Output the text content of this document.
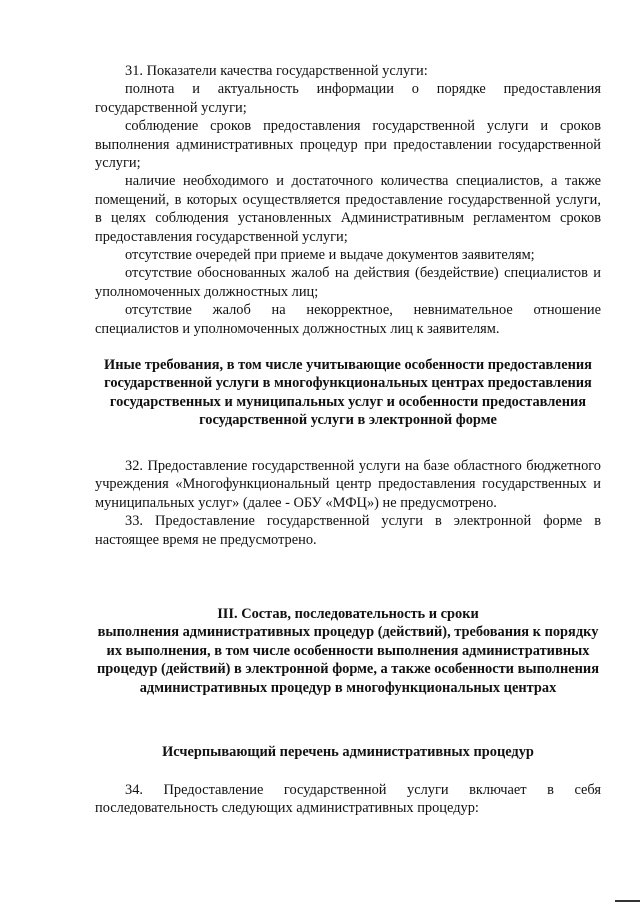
31. Показатели качества государственной услуги:

полнота и актуальность информации о порядке предоставления государственной услуги;

соблюдение сроков предоставления государственной услуги и сроков выполнения административных процедур при предоставлении государственной услуги;

наличие необходимого и достаточного количества специалистов, а также помещений, в которых осуществляется предоставление государственной услуги, в целях соблюдения установленных Административным регламентом сроков предоставления государственной услуги;

отсутствие очередей при приеме и выдаче документов заявителям;

отсутствие обоснованных жалоб на действия (бездействие) специалистов и уполномоченных должностных лиц;

отсутствие жалоб на некорректное, невнимательное отношение специалистов и уполномоченных должностных лиц к заявителям.

Иные требования, в том числе учитывающие особенности предоставления государственной услуги в многофункциональных центрах предоставления государственных и муниципальных услуг и особенности предоставления государственной услуги в электронной форме

32. Предоставление государственной услуги на базе областного бюджетного учреждения «Многофункциональный центр предоставления государственных и муниципальных услуг» (далее - ОБУ «МФЦ») не предусмотрено.

33. Предоставление государственной услуги в электронной форме в настоящее время не предусмотрено.

III. Состав, последовательность и сроки
выполнения административных процедур (действий), требования к порядку их выполнения, в том числе особенности выполнения административных процедур (действий) в электронной форме, а также особенности выполнения административных процедур в многофункциональных центрах
Исчерпывающий перечень административных процедур

34. Предоставление государственной услуги включает в себя последовательность следующих административных процедур:
